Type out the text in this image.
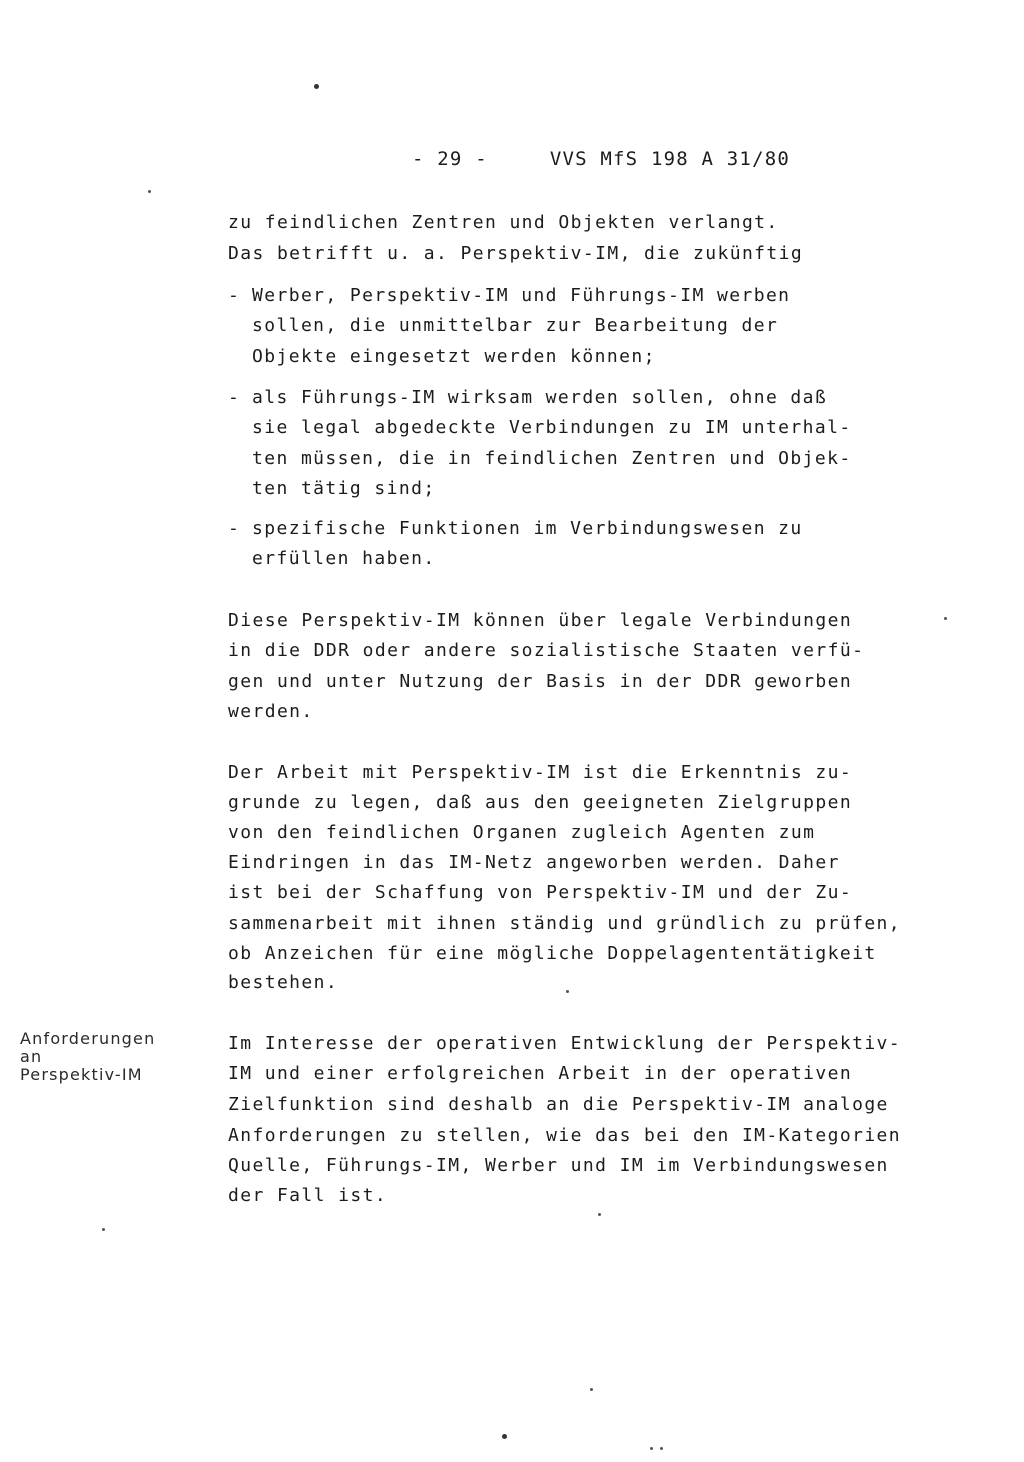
- 29 -	VVS MfS 198 A 31/80
zu feindlichen Zentren und Objekten verlangt.
Das betrifft u. a. Perspektiv-IM, die zukünftig
- Werber, Perspektiv-IM und Führungs-IM werben
sollen, die unmittelbar zur Bearbeitung der
Objekte eingesetzt werden können;
- als Führungs-IM wirksam werden sollen, ohne daß
sie legal abgedeckte Verbindungen zu IM unterhal-
ten müssen, die in feindlichen Zentren und Objek-
ten tätig sind;
- spezifische Funktionen im Verbindungswesen zu
erfüllen haben.
Diese Perspektiv-IM können über legale Verbindungen
in die DDR oder andere sozialistische Staaten verfü-
gen und unter Nutzung der Basis in der DDR geworben
werden.
Der Arbeit mit Perspektiv-IM ist die Erkenntnis zu-
grunde zu legen, daß aus den geeigneten Zielgruppen
von den feindlichen Organen zugleich Agenten zum
Eindringen in das IM-Netz angeworben werden. Daher
ist bei der Schaffung von Perspektiv-IM und der Zu-
sammenarbeit mit ihnen ständig und gründlich zu prüfen,
ob Anzeichen für eine mögliche Doppelagententätigkeit
bestehen.
Anforderungen
an
Perspektiv-IM
Im Interesse der operativen Entwicklung der Perspektiv-
IM und einer erfolgreichen Arbeit in der operativen
Zielfunktion sind deshalb an die Perspektiv-IM analoge
Anforderungen zu stellen, wie das bei den IM-Kategorien
Quelle, Führungs-IM, Werber und IM im Verbindungswesen
der Fall ist.
